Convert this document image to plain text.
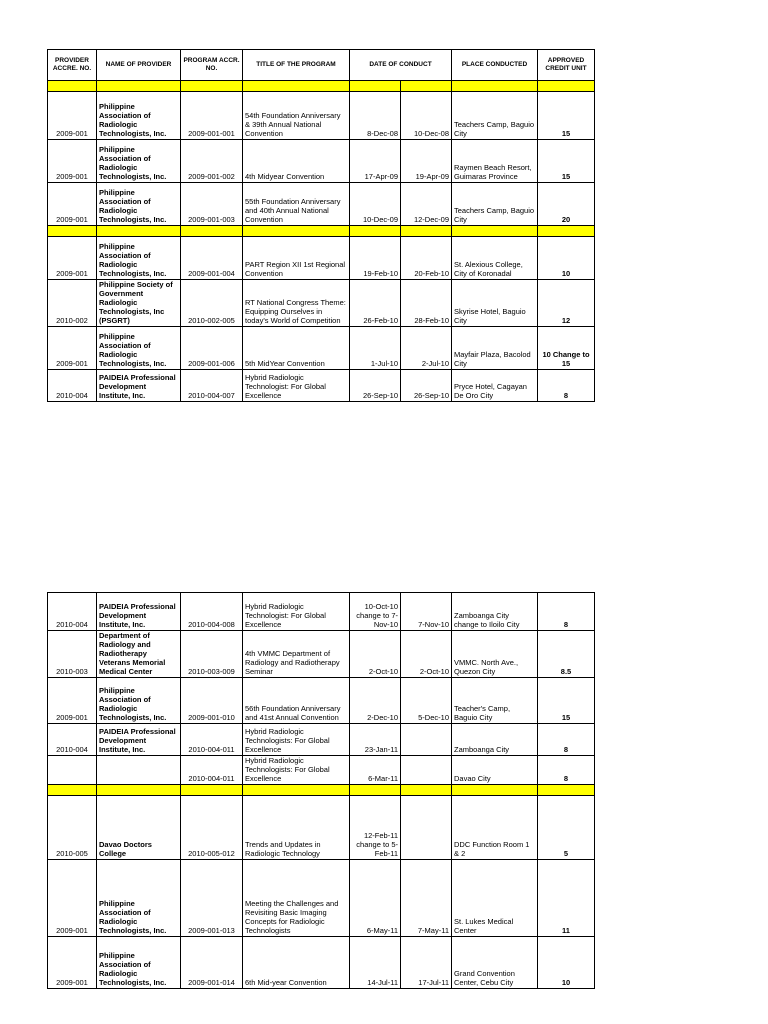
PROVIDER ACCRE. NO.	NAME OF PROVIDER	PROGRAM ACCR. NO.	TITLE OF THE PROGRAM	DATE OF CONDUCT		PLACE CONDUCTED	APPROVED CREDIT UNIT

2009-001	Philippine Association of Radiologic Technologists, Inc.	2009-001-001	54th Foundation Anniversary & 39th Annual National Convention	8-Dec-08	10-Dec-08	Teachers Camp, Baguio City	15
2009-001	Philippine Association of Radiologic Technologists, Inc.	2009-001-002	4th Midyear Convention	17-Apr-09	19-Apr-09	Raymen Beach Resort, Guimaras Province	15
2009-001	Philippine Association of Radiologic Technologists, Inc.	2009-001-003	55th Foundation Anniversary and 40th Annual National Convention	10-Dec-09	12-Dec-09	Teachers Camp, Baguio City	20

2009-001	Philippine Association of Radiologic Technologists, Inc.	2009-001-004	PART Region XII 1st Regional Convention	19-Feb-10	20-Feb-10	St. Alexious College, City of Koronadal	10
2010-002	Philippine Society of Government Radiologic Technologists, Inc (PSGRT)	2010-002-005	RT National Congress Theme: Equipping Ourselves in today's World of Competition	26-Feb-10	28-Feb-10	Skyrise Hotel, Baguio City	12
2009-001	Philippine Association of Radiologic Technologists, Inc.	2009-001-006	5th MidYear Convention	1-Jul-10	2-Jul-10	Mayfair Plaza, Bacolod City	10 Change to 15
2010-004	PAIDEIA Professional Development Institute, Inc.	2010-004-007	Hybrid Radiologic Technologist: For Global Excellence	26-Sep-10	26-Sep-10	Pryce Hotel, Cagayan De Oro City	8
2010-004	PAIDEIA Professional Development Institute, Inc.	2010-004-008	Hybrid Radiologic Technologist: For Global Excellence	10-Oct-10 change to 7-Nov-10	7-Nov-10	Zamboanga City change to Iloilo City	8
2010-003	Department of Radiology and Radiotherapy Veterans Memorial Medical Center	2010-003-009	4th VMMC Department of Radiology and Radiotherapy Seminar	2-Oct-10	2-Oct-10	VMMC. North Ave., Quezon City	8.5
2009-001	Philippine Association of Radiologic Technologists, Inc.	2009-001-010	56th Foundation Anniversary and 41st Annual Convention	2-Dec-10	5-Dec-10	Teacher's Camp, Baguio City	15
2010-004	PAIDEIA Professional Development Institute, Inc.	2010-004-011	Hybrid Radiologic Technologists: For Global Excellence	23-Jan-11		Zamboanga City	8
		2010-004-011	Hybrid Radiologic Technologists: For Global Excellence	6-Mar-11		Davao City	8

2010-005	Davao Doctors College	2010-005-012	Trends and Updates in Radiologic Technology	12-Feb-11 change to 5-Feb-11		DDC Function Room 1 & 2	5
2009-001	Philippine Association of Radiologic Technologists, Inc.	2009-001-013	Meeting the Challenges and Revisiting Basic Imaging Concepts for Radiologic Technologists	6-May-11	7-May-11	St. Lukes Medical Center	11
2009-001	Philippine Association of Radiologic Technologists, Inc.	2009-001-014	6th Mid-year Convention	14-Jul-11	17-Jul-11	Grand Convention Center, Cebu City	10
